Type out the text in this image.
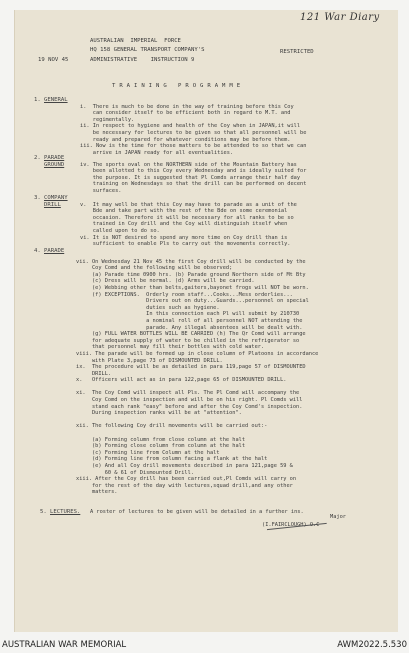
121 War Diary
AUSTRALIAN  IMPERIAL  FORCE
HQ 158 GENERAL TRANSPORT COMPANY'S	RESTRICTED
19 NOV 45	ADMINISTRATIVE    INSTRUCTION 9
T R A I N I N G   P R O G R A M M E
1. GENERAL

i.  There is much to be done in the way of training before this Coy
can consider itself to be efficient both in regard to M.T. and
regimentally.
ii. In respect to hygiene and health of the Coy when in JAPAN,it will
be necessary for lectures to be given so that all personnel will be
ready and prepared for whatever conditions may be before them.
iii. Now is the time for those matters to be attended to so that we can
arrive in JAPAN ready for all eventualities.

2. PARADE
GROUND	iv. The sports oval on the NORTHERN side of the Mountain Battery has
been allotted to this Coy every Wednesday and is ideally suited for
the purpose. It is suggested that Pl Comds arrange their half day
training on Wednesdays so that the drill can be performed on decent
surfaces.

3. COMPANY
DRILL	v.  It may well be that this Coy may have to parade as a unit of the
Bde and take part with the rest of the Bde on some ceremonial
occasion. Therefore it will be necessary for all ranks to be so
trained in Coy drill and the Coy will distinguish itself when
called upon to do so.
vi. It is NOT desired to spend any more time on Coy drill than is
sufficient to enable Pls to carry out the movements correctly.

4. PARADE

vii. On Wednesday 21 Nov 45 the first Coy drill will be conducted by the
Coy Comd and the following will be observed;
(a) Parade time 0900 hrs. (b) Parade ground Northern side of Mt Bty
(c) Dress will be normal. (d) Arms will be carried.
(e) Webbing other than belts,gaiters,bayonet frogs will NOT be worn.
(f) EXCEPTIONS.  Orderly room staff...Cooks...Mess orderlies...
Drivers out on duty...Guards...personnel on special
duties such as hygiene.
In this connection each Pl will submit by 210730
a nominal roll of all personnel NOT attending the
parade. Any illegal absentees will be dealt with.
(g) FULL WATER BOTTLES WILL BE CARRIED (h) The Qr Comd will arrange
for adequate supply of water to be chilled in the refrigerator so
that personnel may fill their bottles with cold water.
viii. The parade will be formed up in close column of Platoons in accordance
with Plate 3,page 73 of DISMOUNTED DRILL.
ix.  The procedure will be as detailed in para 119,page 57 of DISMOUNTED
DRILL.
x.   Officers will act as in para 122,page 65 of DISMOUNTED DRILL.

xi.  The Coy Comd will inspect all Pls. The Pl Comd will accompany the
Coy Comd on the inspection and will be on his right. Pl Comds will
stand each rank "easy" before and after the Coy Comd's inspection.
During inspection ranks will be at "attention".

xii. The following Coy drill movements will be carried out:-

(a) Forming column from close column at the halt
(b) Forming close column from column at the halt
(c) Forming line from Column at the halt
(d) Forming line from column facing a flank at the halt
(e) And all Coy drill movements described in para 121,page 59 &
60 & 61 of Dismounted Drill.
xiii. After the Coy drill has been carried out,Pl Comds will carry on
for the rest of the day with lectures,squad drill,and any other
matters.

5. LECTURES. A roster of lectures to be given will be detailed in a further ins.
Major
(I.FAIRCLOUGH) O.C
AUSTRALIAN WAR MEMORIAL	AWM2022.5.530
